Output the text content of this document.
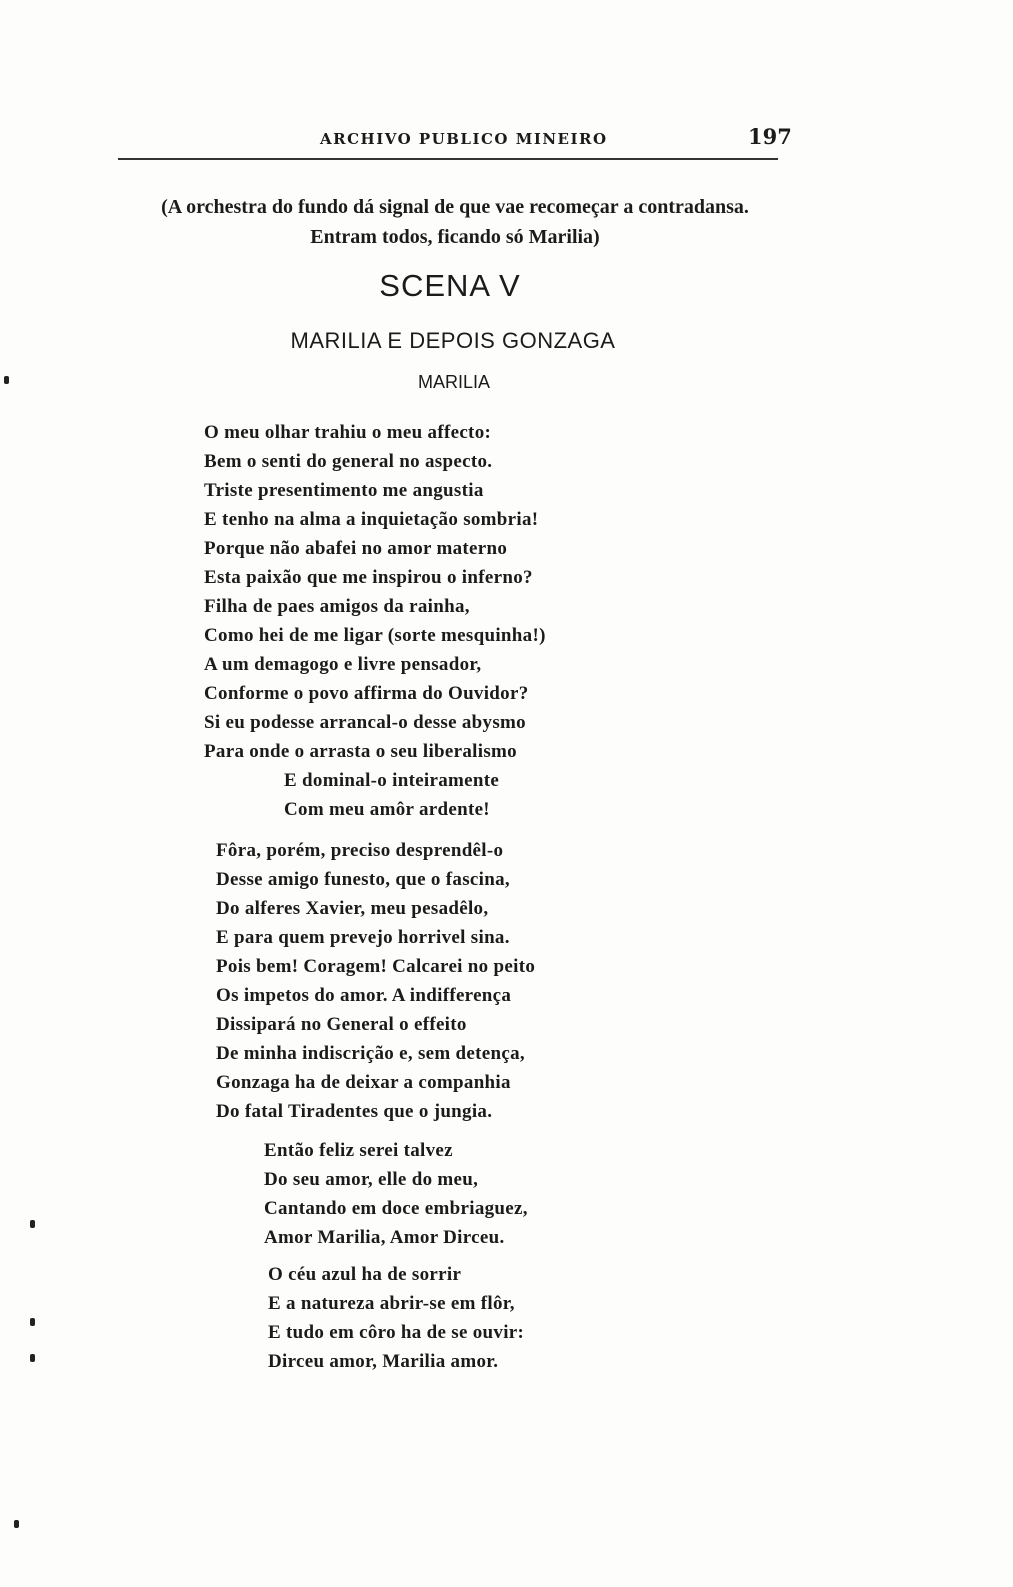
ARCHIVO PUBLICO MINEIRO	197
(A orchestra do fundo dá signal de que vae recomeçar a contradansa.
Entram todos, ficando só Marilia)
SCENA V
MARILIA E DEPOIS GONZAGA
MARILIA
O meu olhar trahiu o meu affecto:
Bem o senti do general no aspecto.
Triste presentimento me angustia
E tenho na alma a inquietação sombria!
Porque não abafei no amor materno
Esta paixão que me inspirou o inferno?
Filha de paes amigos da rainha,
Como hei de me ligar (sorte mesquinha!)
A um demagogo e livre pensador,
Conforme o povo affirma do Ouvidor?
Si eu podesse arrancal-o desse abysmo
Para onde o arrasta o seu liberalismo
E dominal-o inteiramente
Com meu amôr ardente!
Fôra, porém, preciso desprendêl-o
Desse amigo funesto, que o fascina,
Do alferes Xavier, meu pesadêlo,
E para quem prevejo horrivel sina.
Pois bem! Coragem! Calcarei no peito
Os impetos do amor. A indifferença
Dissipará no General o effeito
De minha indiscrição e, sem detença,
Gonzaga ha de deixar a companhia
Do fatal Tiradentes que o jungia.
Então feliz serei talvez
Do seu amor, elle do meu,
Cantando em doce embriaguez,
Amor Marilia, Amor Dirceu.
O céu azul ha de sorrir
E a natureza abrir-se em flôr,
E tudo em côro ha de se ouvir:
Dirceu amor, Marilia amor.
